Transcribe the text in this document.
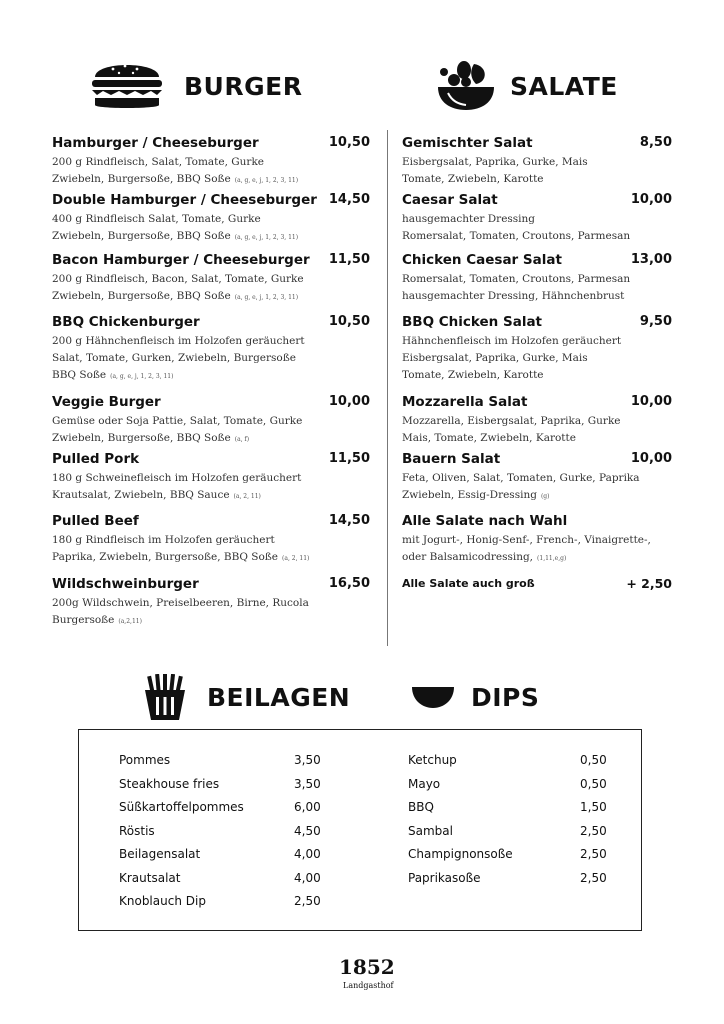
BURGER	SALATE
Hamburger / Cheeseburger	10,50
200 g Rindfleisch, Salat, Tomate, Gurke
Zwiebeln, Burgersoße, BBQ Soße (a, g, e, j, 1, 2, 3, 11)
Double Hamburger / Cheeseburger 14,50
400 g Rindfleisch Salat, Tomate, Gurke
Zwiebeln, Burgersoße, BBQ Soße (a, g, e, j, 1, 2, 3, 11)
Bacon Hamburger / Cheeseburger 11,50
200 g Rindfleisch, Bacon, Salat, Tomate, Gurke
Zwiebeln, Burgersoße, BBQ Soße (a, g, e, j, 1, 2, 3, 11)
BBQ Chickenburger	10,50
200 g Hähnchenfleisch im Holzofen geräuchert
Salat, Tomate, Gurken, Zwiebeln, Burgersoße
BBQ Soße (a, g, e, j, 1, 2, 3, 11)
Veggie Burger	10,00
Gemüse oder Soja Pattie, Salat, Tomate, Gurke
Zwiebeln, Burgersoße, BBQ Soße (a, f)
Pulled Pork	11,50
180 g Schweinefleisch im Holzofen geräuchert
Krautsalat, Zwiebeln, BBQ Sauce (a, 2, 11)
Pulled Beef	14,50
180 g Rindfleisch im Holzofen geräuchert
Paprika, Zwiebeln, Burgersoße, BBQ Soße (a, 2, 11)
Wildschweinburger	16,50
200g Wildschwein, Preiselbeeren, Birne, Rucola
Burgersoße (a,2,11)
Gemischter Salat	8,50
Eisbergsalat, Paprika, Gurke, Mais
Tomate, Zwiebeln, Karotte
Caesar Salat	10,00
hausgemachter Dressing
Romersalat, Tomaten, Croutons, Parmesan
Chicken Caesar Salat	13,00
Romersalat, Tomaten, Croutons, Parmesan
hausgemachter Dressing, Hähnchenbrust
BBQ Chicken Salat	9,50
Hähnchenfleisch im Holzofen geräuchert
Eisbergsalat, Paprika, Gurke, Mais
Tomate, Zwiebeln, Karotte
Mozzarella Salat	10,00
Mozzarella, Eisbergsalat, Paprika, Gurke
Mais, Tomate, Zwiebeln, Karotte
Bauern Salat	10,00
Feta, Oliven, Salat, Tomaten, Gurke, Paprika
Zwiebeln, Essig-Dressing (g)
Alle Salate nach Wahl
mit Jogurt-, Honig-Senf-, French-, Vinaigrette-,
oder Balsamicodressing, (1,11,e,g)
Alle Salate auch groß	+ 2,50
BEILAGEN	DIPS
Pommes	3,50
Steakhouse fries	3,50
Süßkartoffelpommes	6,00
Röstis	4,50
Beilagensalat	4,00
Krautsalat	4,00
Knoblauch Dip	2,50
Ketchup	0,50
Mayo	0,50
BBQ	1,50
Sambal	2,50
Champignonsoße	2,50
Paprikasoße	2,50
1852
Landgasthof
